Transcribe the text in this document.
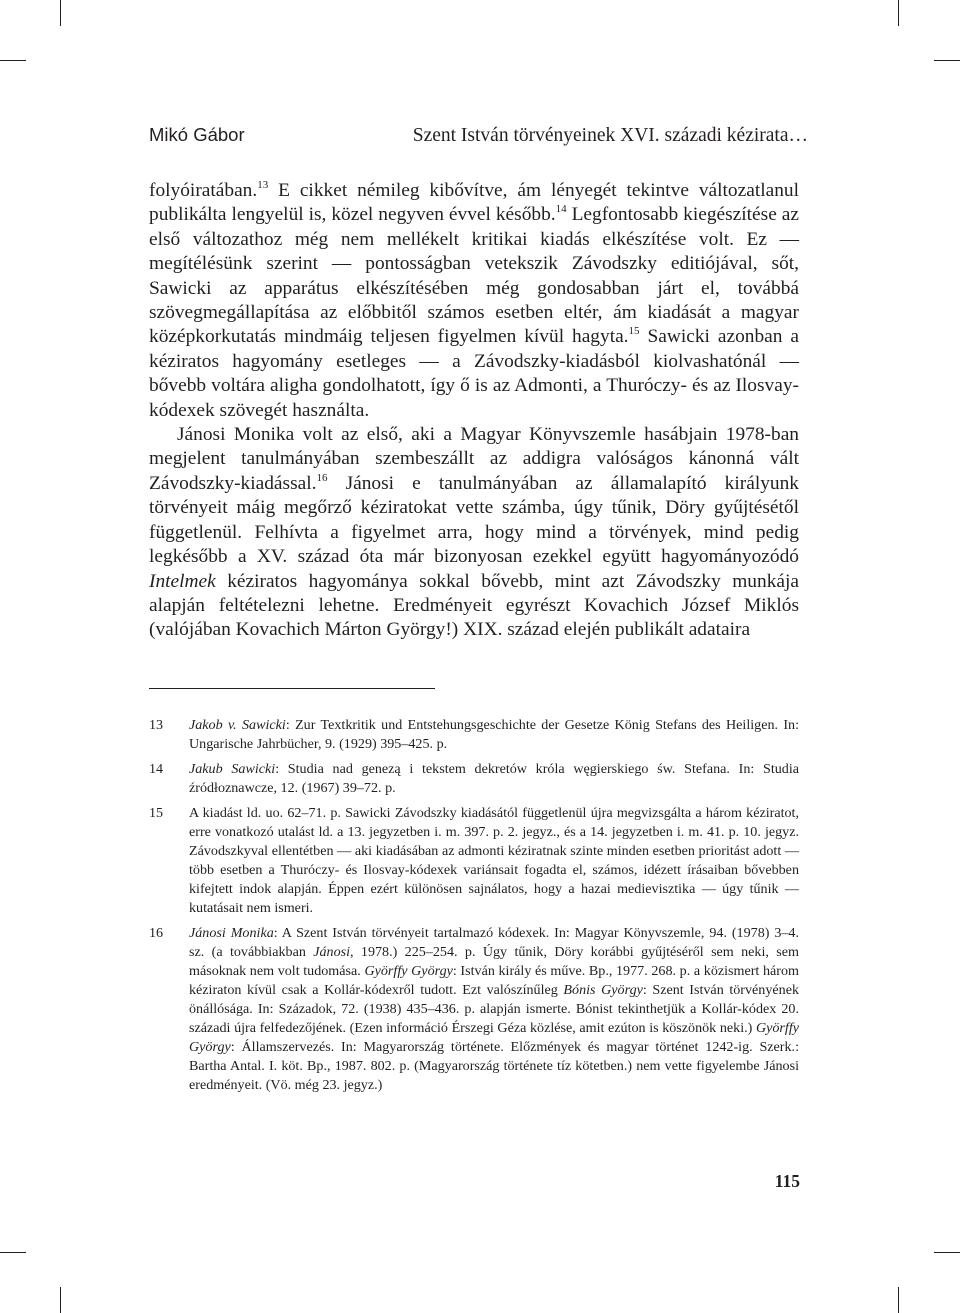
Mikó Gábor	Szent István törvényeinek XVI. századi kézirata…

folyóiratában.$^{13}$ E cikket némileg kibővítve, ám lényegét tekintve változatlanul publikálta lengyelül is, közel negyven évvel később.$^{14}$ Legfontosabb kiegészítése az első változathoz még nem mellékelt kritikai kiadás elkészítése volt. Ez — megítélésünk szerint — pontosságban vetekszik Závodszky editiójával, sőt, Sawicki az apparátus elkészítésében még gondosabban járt el, továbbá szövegmegállapítása az előbbitől számos esetben eltér, ám kiadását a magyar középkorkutatás mindmáig teljesen figyelmen kívül hagyta.$^{15}$ Sawicki azonban a kéziratos hagyomány esetleges — a Závodszky-kiadásból kiolvashatónál — bővebb voltára aligha gondolhatott, így ő is az Admonti, a Thuróczy- és az Ilosvay-kódexek szövegét használta.

Jánosi Monika volt az első, aki a Magyar Könyvszemle hasábjain 1978-ban megjelent tanulmányában szembeszállt az addigra valóságos kánonná vált Závodszky-kiadással.$^{16}$ Jánosi e tanulmányában az államalapító királyunk törvényeit máig megőrző kéziratokat vette számba, úgy tűnik, Döry gyűjtésétől függetlenül. Felhívta a figyelmet arra, hogy mind a törvények, mind pedig legkésőbb a XV. század óta már bizonyosan ezekkel együtt hagyományozódó Intelmek kéziratos hagyománya sokkal bővebb, mint azt Závodszky munkája alapján feltételezni lehetne. Eredményeit egyrészt Kovachich József Miklós (valójában Kovachich Márton György!) XIX. század elején publikált adataira

13	Jakob v. Sawicki: Zur Textkritik und Entstehungsgeschichte der Gesetze König Stefans des Heiligen. In: Ungarische Jahrbücher, 9. (1929) 395–425. p.
14	Jakub Sawicki: Studia nad genezą i tekstem dekretów króla węgierskiego św. Stefana. In: Studia źródłoznawcze, 12. (1967) 39–72. p.
15	A kiadást ld. uo. 62–71. p. Sawicki Závodszky kiadásától függetlenül újra megvizsgálta a három kéziratot, erre vonatkozó utalást ld. a 13. jegyzetben i. m. 397. p. 2. jegyz., és a 14. jegyzetben i. m. 41. p. 10. jegyz. Závodszkyval ellentétben — aki kiadásában az admonti kéziratnak szinte minden esetben prioritást adott — több esetben a Thuróczy- és Ilosvay-kódexek variánsait fogadta el, számos, idézett írásaiban bővebben kifejtett indok alapján. Éppen ezért különösen sajnálatos, hogy a hazai medievisztika — úgy tűnik — kutatásait nem ismeri.
16	Jánosi Monika: A Szent István törvényeit tartalmazó kódexek. In: Magyar Könyvszemle, 94. (1978) 3–4. sz. (a továbbiakban Jánosi, 1978.) 225–254. p. Úgy tűnik, Döry korábbi gyűjtéséről sem neki, sem másoknak nem volt tudomása. Györffy György: István király és műve. Bp., 1977. 268. p. a közismert három kéziraton kívül csak a Kollár-kódexről tudott. Ezt valószínűleg Bónis György: Szent István törvényének önállósága. In: Századok, 72. (1938) 435–436. p. alapján ismerte. Bónist tekinthetjük a Kollár-kódex 20. századi újra felfedezőjének. (Ezen információ Érszegi Géza közlése, amit ezúton is köszönök neki.) Györffy György: Államszervezés. In: Magyarország története. Előzmények és magyar történet 1242-ig. Szerk.: Bartha Antal. I. köt. Bp., 1987. 802. p. (Magyarország története tíz kötetben.) nem vette figyelembe Jánosi eredményeit. (Vö. még 23. jegyz.)
115
